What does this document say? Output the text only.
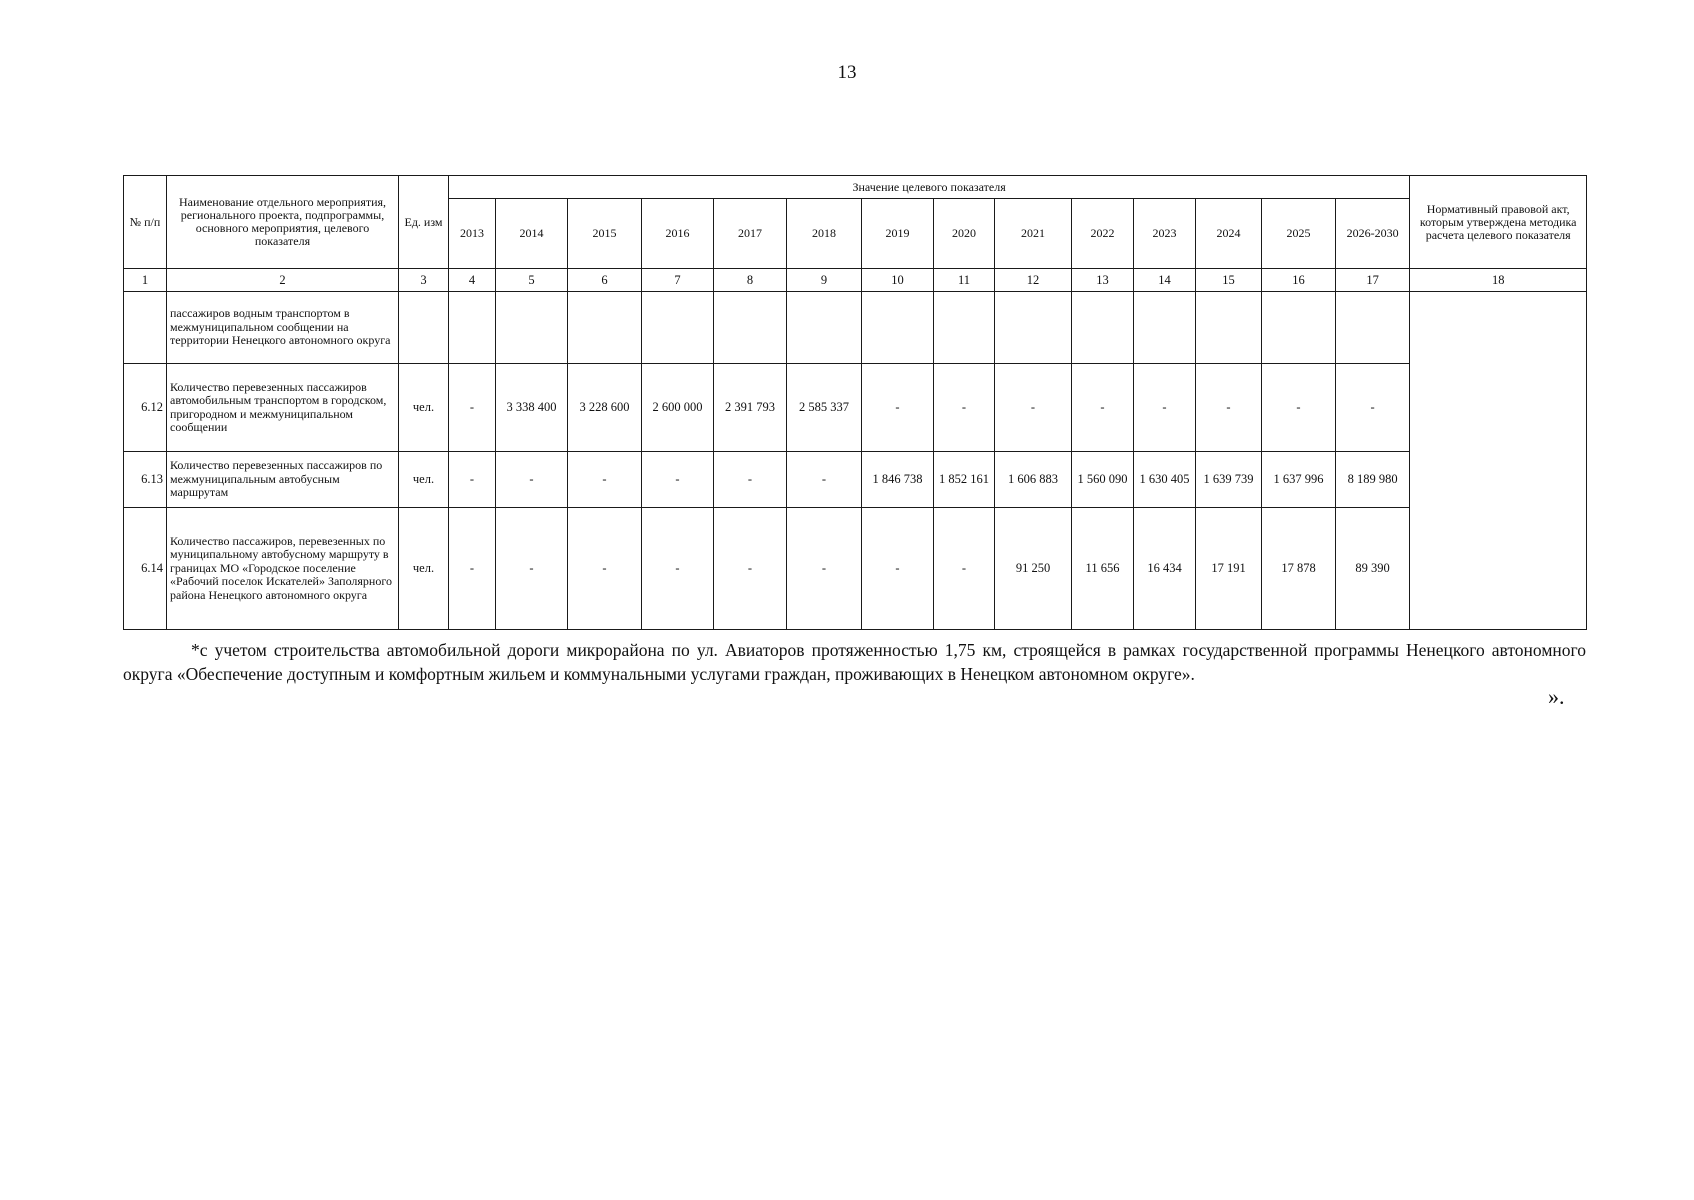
13
№ п/п	Наименование отдельного мероприятия, регионального проекта, подпрограммы, основного мероприятия, целевого показателя	Ед. изм	Значение целевого показателя														Нормативный правовой акт, которым утверждена методика расчета целевого показателя
			2013	2014	2015	2016	2017	2018	2019	2020	2021	2022	2023	2024	2025	2026-2030	
1	2	3	4	5	6	7	8	9	10	11	12	13	14	15	16	17	18
	пассажиров водным транспортом в межмуниципальном сообщении на территории Ненецкого автономного округа																
6.12	Количество перевезенных пассажиров автомобильным транспортом в городском, пригородном и межмуниципальном сообщении	чел.	-	3 338 400	3 228 600	2 600 000	2 391 793	2 585 337	-	-	-	-	-	-	-	-	
6.13	Количество перевезенных пассажиров по межмуниципальным автобусным маршрутам	чел.	-	-	-	-	-	-	1 846 738	1 852 161	1 606 883	1 560 090	1 630 405	1 639 739	1 637 996	8 189 980	
6.14	Количество пассажиров, перевезенных по муниципальному автобусному маршруту в границах МО «Городское поселение «Рабочий поселок Искателей» Заполярного района Ненецкого автономного округа	чел.	-	-	-	-	-	-	-	-	91 250	11 656	16 434	17 191	17 878	89 390	
*с учетом строительства автомобильной дороги микрорайона по ул. Авиаторов протяженностью 1,75 км, строящейся в рамках государственной программы Ненецкого автономного округа «Обеспечение доступным и комфортным жильем и коммунальными услугами граждан, проживающих в Ненецком автономном округе».
».
